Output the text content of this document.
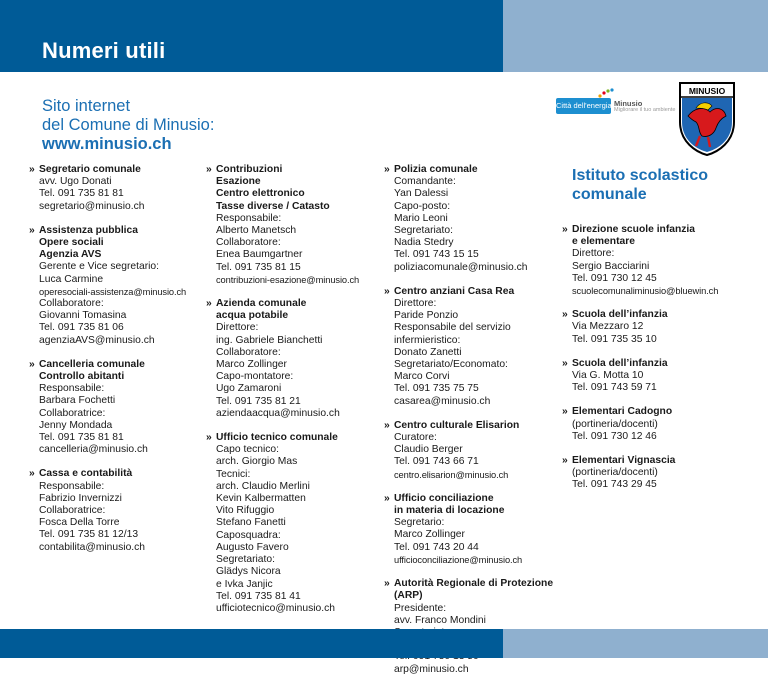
Numeri utili
Sito internet
del Comune di Minusio:
www.minusio.ch
Città dell'energia Minusio
Migliorare il tuo ambiente
MINUSIO
» Segretario comunale
avv. Ugo Donati
Tel. 091 735 81 81
segretario@minusio.ch
» Assistenza pubblica
Opere sociali
Agenzia AVS
Gerente e Vice segretario:
Luca Carmine
operesociali-assistenza@minusio.ch
Collaboratore:
Giovanni Tomasina
Tel. 091 735 81 06
agenziaAVS@minusio.ch
» Cancelleria comunale
Controllo abitanti
Responsabile:
Barbara Fochetti
Collaboratrice:
Jenny Mondada
Tel. 091 735 81 81
cancelleria@minusio.ch
» Cassa e contabilità
Responsabile:
Fabrizio Invernizzi
Collaboratrice:
Fosca Della Torre
Tel. 091 735 81 12/13
contabilita@minusio.ch
» Contribuzioni
Esazione
Centro elettronico
Tasse diverse / Catasto
Responsabile:
Alberto Manetsch
Collaboratore:
Enea Baumgartner
Tel. 091 735 81 15
contribuzioni-esazione@minusio.ch
» Azienda comunale
acqua potabile
Direttore:
ing. Gabriele Bianchetti
Collaboratore:
Marco Zollinger
Capo-montatore:
Ugo Zamaroni
Tel. 091 735 81 21
aziendaacqua@minusio.ch
» Ufficio tecnico comunale
Capo tecnico:
arch. Giorgio Mas
Tecnici:
arch. Claudio Merlini
Kevin Kalbermatten
Vito Rifuggio
Stefano Fanetti
Caposquadra:
Augusto Favero
Segretariato:
Glädys Nicora
e Ivka Janjic
Tel. 091 735 81 41
ufficiotecnico@minusio.ch
» Polizia comunale
Comandante:
Yan Dalessi
Capo-posto:
Mario Leoni
Segretariato:
Nadia Stedry
Tel. 091 743 15 15
poliziacomunale@minusio.ch
» Centro anziani Casa Rea
Direttore:
Paride Ponzio
Responsabile del servizio
infermieristico:
Donato Zanetti
Segretariato/Economato:
Marco Corvi
Tel. 091 735 75 75
casarea@minusio.ch
» Centro culturale Elisarion
Curatore:
Claudio Berger
Tel. 091 743 66 71
centro.elisarion@minusio.ch
» Ufficio conciliazione
in materia di locazione
Segretario:
Marco Zollinger
Tel. 091 743 20 44
ufficioconciliazione@minusio.ch
» Autorità Regionale di Protezione
(ARP)
Presidente:
avv. Franco Mondini
arp@minusio.ch
Istituto scolastico comunale
» Direzione scuole infanzia
e elementare
Direttore:
Sergio Bacciarini
Tel. 091 730 12 45
scuolecomunaliminusio@bluewin.ch
» Scuola dell’infanzia
Via Mezzaro 12
Tel. 091 735 35 10
» Scuola dell’infanzia
Via G. Motta 10
Tel. 091 743 59 71
» Elementari Cadogno
(portineria/docenti)
Tel. 091 730 12 46
» Elementari Vignascia
(portineria/docenti)
Tel. 091 743 29 45
